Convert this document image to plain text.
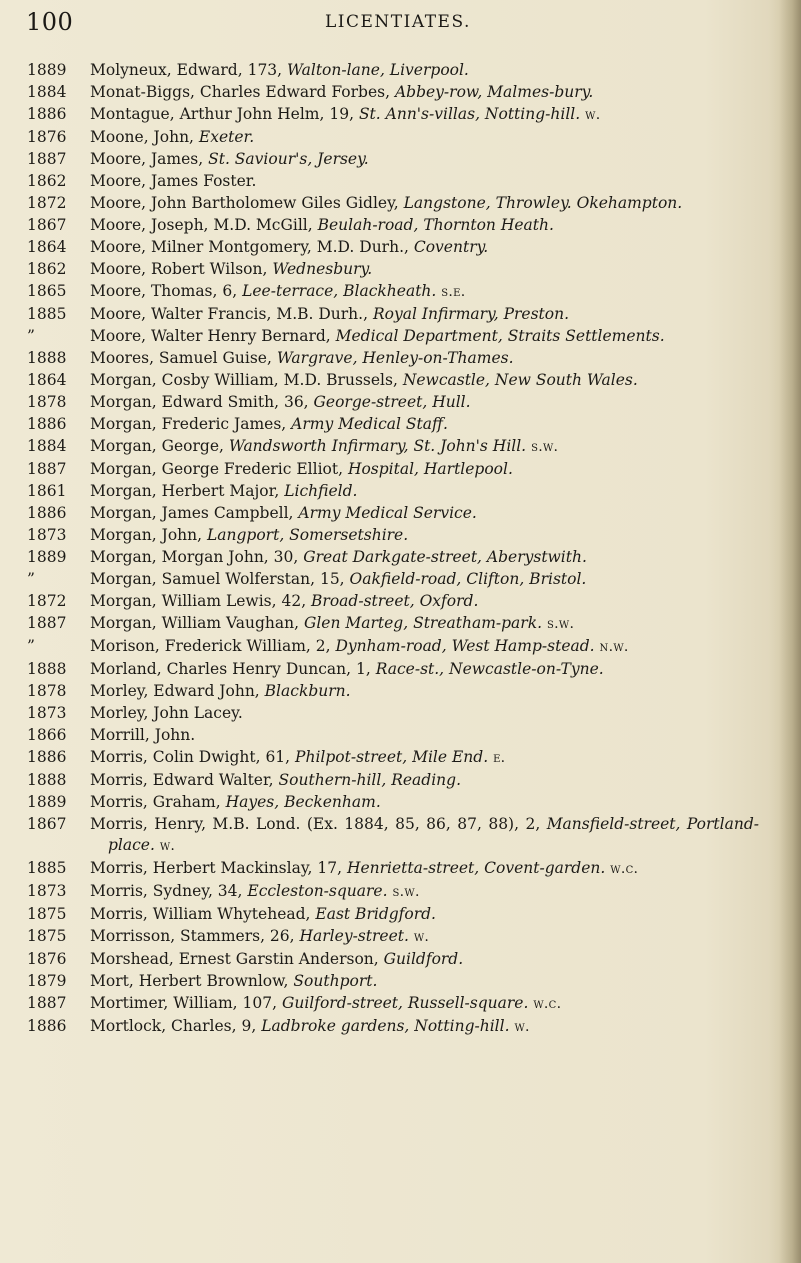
100	LICENTIATES.
1889	Molyneux, Edward, 173, Walton-lane, Liverpool.
1884	Monat-Biggs, Charles Edward Forbes, Abbey-row, Malmes-bury.
1886	Montague, Arthur John Helm, 19, St. Ann's-villas, Notting-hill. w.
1876	Moone, John, Exeter.
1887	Moore, James, St. Saviour's, Jersey.
1862	Moore, James Foster.
1872	Moore, John Bartholomew Giles Gidley, Langstone, Throwley. Okehampton.
1867	Moore, Joseph, M.D. McGill, Beulah-road, Thornton Heath.
1864	Moore, Milner Montgomery, M.D. Durh., Coventry.
1862	Moore, Robert Wilson, Wednesbury.
1865	Moore, Thomas, 6, Lee-terrace, Blackheath. s.e.
1885	Moore, Walter Francis, M.B. Durh., Royal Infirmary, Preston.
”	Moore, Walter Henry Bernard, Medical Department, Straits Settlements.
1888	Moores, Samuel Guise, Wargrave, Henley-on-Thames.
1864	Morgan, Cosby William, M.D. Brussels, Newcastle, New South Wales.
1878	Morgan, Edward Smith, 36, George-street, Hull.
1886	Morgan, Frederic James, Army Medical Staff.
1884	Morgan, George, Wandsworth Infirmary, St. John's Hill. s.w.
1887	Morgan, George Frederic Elliot, Hospital, Hartlepool.
1861	Morgan, Herbert Major, Lichfield.
1886	Morgan, James Campbell, Army Medical Service.
1873	Morgan, John, Langport, Somersetshire.
1889	Morgan, Morgan John, 30, Great Darkgate-street, Aberystwith.
”	Morgan, Samuel Wolferstan, 15, Oakfield-road, Clifton, Bristol.
1872	Morgan, William Lewis, 42, Broad-street, Oxford.
1887	Morgan, William Vaughan, Glen Marteg, Streatham-park. s.w.
”	Morison, Frederick William, 2, Dynham-road, West Hamp-stead. n.w.
1888	Morland, Charles Henry Duncan, 1, Race-st., Newcastle-on-Tyne.
1878	Morley, Edward John, Blackburn.
1873	Morley, John Lacey.
1866	Morrill, John.
1886	Morris, Colin Dwight, 61, Philpot-street, Mile End. e.
1888	Morris, Edward Walter, Southern-hill, Reading.
1889	Morris, Graham, Hayes, Beckenham.
1867	Morris, Henry, M.B. Lond. (Ex. 1884, 85, 86, 87, 88), 2, Mansfield-street, Portland-place. w.
1885	Morris, Herbert Mackinslay, 17, Henrietta-street, Covent-garden. w.c.
1873	Morris, Sydney, 34, Eccleston-square. s.w.
1875	Morris, William Whytehead, East Bridgford.
1875	Morrisson, Stammers, 26, Harley-street. w.
1876	Morshead, Ernest Garstin Anderson, Guildford.
1879	Mort, Herbert Brownlow, Southport.
1887	Mortimer, William, 107, Guilford-street, Russell-square. w.c.
1886	Mortlock, Charles, 9, Ladbroke gardens, Notting-hill. w.
